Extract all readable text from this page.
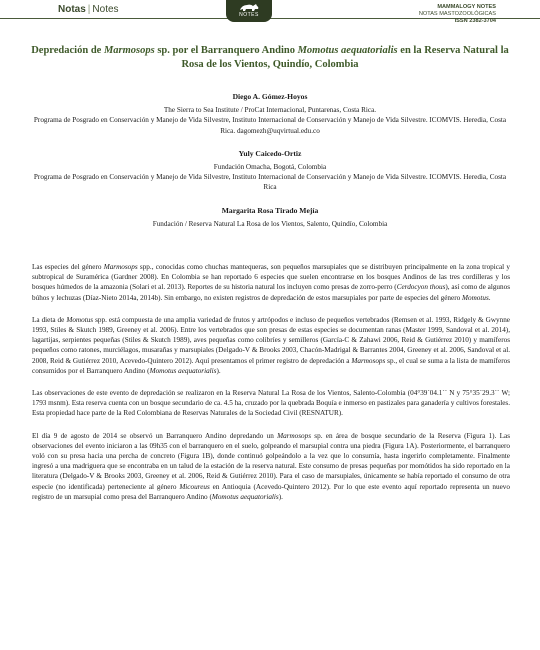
Notas | Notes	NOTES
MAMMALOGY NOTES
NOTAS MASTOZOOLÓGICAS
ISSN 2382-3704
Depredación de Marmosops sp. por el Barranquero Andino Momotus aequatorialis en la Reserva Natural la Rosa de los Vientos, Quindío, Colombia
Diego A. Gómez-Hoyos
The Sierra to Sea Institute / ProCat Internacional, Puntarenas, Costa Rica.
Programa de Posgrado en Conservación y Manejo de Vida Silvestre, Instituto Internacional de Conservación y Manejo de Vida Silvestre. ICOMVIS. Heredia, Costa Rica. dagomezh@uqvirtual.edu.co
Yuly Caicedo-Ortiz
Fundación Omacha, Bogotá, Colombia
Programa de Posgrado en Conservación y Manejo de Vida Silvestre, Instituto Internacional de Conservación y Manejo de Vida Silvestre. ICOMVIS. Heredia, Costa Rica
Margarita Rosa Tirado Mejía
Fundación / Reserva Natural La Rosa de los Vientos, Salento, Quindío, Colombia

Las especies del género Marmosops spp., conocidas como chuchas mantequeras, son pequeños marsupiales que se distribuyen principalmente en la zona tropical y subtropical de Suramérica (Gardner 2008). En Colombia se han reportado 6 especies que suelen encontrarse en los bosques Andinos de las tres cordilleras y los bosques húmedos de la amazonia (Solari et al. 2013). Reportes de su historia natural los incluyen como presas de zorro-perro (Cerdocyon thous), así como de algunos búhos y lechuzas (Díaz-Nieto 2014a, 2014b). Sin embargo, no existen registros de depredación de estos marsupiales por parte de especies del género Momotus.

La dieta de Momotus spp. está compuesta de una amplia variedad de frutos y artrópodos e incluso de pequeños vertebrados (Remsen et al. 1993, Ridgely & Gwynne 1993, Stiles & Skutch 1989, Greeney et al. 2006). Entre los vertebrados que son presas de estas especies se documentan ranas (Master 1999, Sandoval et al. 2014), lagartijas, serpientes pequeñas (Stiles & Skutch 1989), aves pequeñas como colibríes y semilleros (García-C & Zahawi 2006, Reid & Gutiérrez 2010) y mamíferos pequeños como ratones, murciélagos, musarañas y marsupiales (Delgado-V & Brooks 2003, Chacón-Madrigal & Barrantes 2004, Greeney et al. 2006, Sandoval et al. 2008, Reid & Gutiérrez 2010, Acevedo-Quintero 2012). Aquí presentamos el primer registro de depredación a Marmosops sp., el cual se suma a la lista de mamíferos consumidos por el Barranquero Andino (Momotus aequatorialis).

Las observaciones de este evento de depredación se realizaron en la Reserva Natural La Rosa de los Vientos, Salento-Colombia (04°39´04.1`` N y 75°35´29.3`` W; 1793 msnm). Esta reserva cuenta con un bosque secundario de ca. 4.5 ha, cruzado por la quebrada Boquía e inmerso en pastizales para ganadería y cultivos forestales. Esta propiedad hace parte de la Red Colombiana de Reservas Naturales de la Sociedad Civil (RESNATUR).

El día 9 de agosto de 2014 se observó un Barranquero Andino depredando un Marmosops sp. en área de bosque secundario de la Reserva (Figura 1). Las observaciones del evento iniciaron a las 09h35 con el barranquero en el suelo, golpeando el marsupial contra una piedra (Figura 1A). Posteriormente, el barranquero voló con su presa hacia una percha de concreto (Figura 1B), donde continuó golpeándolo a la vez que lo consumía, hasta ingerirlo completamente. Finalmente ingresó a una madriguera que se encontraba en un talud de la estación de la reserva natural. Este consumo de presas pequeñas por momótidos ha sido reportado en la literatura (Delgado-V & Brooks 2003, Greeney et al. 2006, Reid & Gutiérrez 2010). Para el caso de marsupiales, únicamente se había reportado el consumo de otra especie (no identificada) perteneciente al género Micoureus en Antioquia (Acevedo-Quintero 2012). Por lo que este evento aquí reportado representa un nuevo registro de un marsupial como presa del Barranquero Andino (Momotus aequatorialis).
